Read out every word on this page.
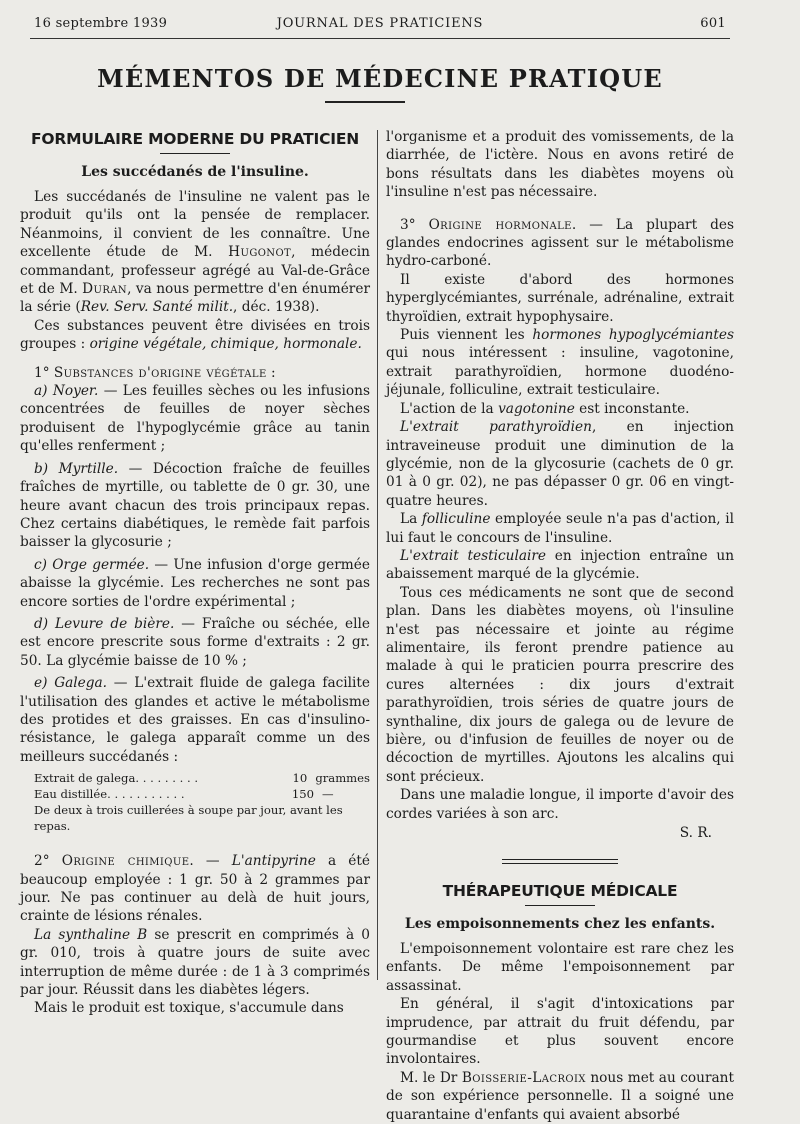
16 septembre 1939	JOURNAL DES PRATICIENS	601
MÉMENTOS DE MÉDECINE PRATIQUE
FORMULAIRE MODERNE DU PRATICIEN
Les succédanés de l'insuline.

Les succédanés de l'insuline ne valent pas le produit qu'ils ont la pensée de remplacer. Néanmoins, il convient de les connaître. Une excellente étude de M. Hugonot, médecin commandant, professeur agrégé au Val-de-Grâce et de M. Duran, va nous permettre d'en énumérer la série (Rev. Serv. Santé milit., déc. 1938).

Ces substances peuvent être divisées en trois groupes : origine végétale, chimique, hormonale.

1° Substances d'origine végétale :

a) Noyer. — Les feuilles sèches ou les infusions concentrées de feuilles de noyer sèches produisent de l'hypoglycémie grâce au tanin qu'elles renferment ;

b) Myrtille. — Décoction fraîche de feuilles fraîches de myrtille, ou tablette de 0 gr. 30, une heure avant chacun des trois principaux repas. Chez certains diabétiques, le remède fait parfois baisser la glycosurie ;

c) Orge germée. — Une infusion d'orge germée abaisse la glycémie. Les recherches ne sont pas encore sorties de l'ordre expérimental ;

d) Levure de bière. — Fraîche ou séchée, elle est encore prescrite sous forme d'extraits : 2 gr. 50. La glycémie baisse de 10 % ;

e) Galega. — L'extrait fluide de galega facilite l'utilisation des glandes et active le métabolisme des protides et des graisses. En cas d'insulino-résistance, le galega apparaît comme un des meilleurs succédanés :

Extrait de galega. . . . . . . . .	10 grammes
Eau distillée. . . . . . . . . . .	150 —
De deux à trois cuillerées à soupe par jour, avant les repas.

2° Origine chimique. — L'antipyrine a été beaucoup employée : 1 gr. 50 à 2 grammes par jour. Ne pas continuer au delà de huit jours, crainte de lésions rénales.

La synthaline B se prescrit en comprimés à 0 gr. 010, trois à quatre jours de suite avec interruption de même durée : de 1 à 3 comprimés par jour. Réussit dans les diabètes légers.

Mais le produit est toxique, s'accumule dans

l'organisme et a produit des vomissements, de la diarrhée, de l'ictère. Nous en avons retiré de bons résultats dans les diabètes moyens où l'insuline n'est pas nécessaire.

3° Origine hormonale. — La plupart des glandes endocrines agissent sur le métabolisme hydro-carboné.

Il existe d'abord des hormones hyperglycémiantes, surrénale, adrénaline, extrait thyroïdien, extrait hypophysaire.

Puis viennent les hormones hypoglycémiantes qui nous intéressent : insuline, vagotonine, extrait parathyroïdien, hormone duodéno-jéjunale, folliculine, extrait testiculaire.

L'action de la vagotonine est inconstante.

L'extrait parathyroïdien, en injection intraveineuse produit une diminution de la glycémie, non de la glycosurie (cachets de 0 gr. 01 à 0 gr. 02), ne pas dépasser 0 gr. 06 en vingt-quatre heures.

La folliculine employée seule n'a pas d'action, il lui faut le concours de l'insuline.

L'extrait testiculaire en injection entraîne un abaissement marqué de la glycémie.

Tous ces médicaments ne sont que de second plan. Dans les diabètes moyens, où l'insuline n'est pas nécessaire et jointe au régime alimentaire, ils feront prendre patience au malade à qui le praticien pourra prescrire des cures alternées : dix jours d'extrait parathyroïdien, trois séries de quatre jours de synthaline, dix jours de galega ou de levure de bière, ou d'infusion de feuilles de noyer ou de décoction de myrtilles. Ajoutons les alcalins qui sont précieux.

Dans une maladie longue, il importe d'avoir des cordes variées à son arc.

S. R.
THÉRAPEUTIQUE MÉDICALE
Les empoisonnements chez les enfants.

L'empoisonnement volontaire est rare chez les enfants. De même l'empoisonnement par assassinat.

En général, il s'agit d'intoxications par imprudence, par attrait du fruit défendu, par gourmandise et plus souvent encore involontaires.

M. le Dr Boisserie-Lacroix nous met au courant de son expérience personnelle. Il a soigné une quarantaine d'enfants qui avaient absorbé
